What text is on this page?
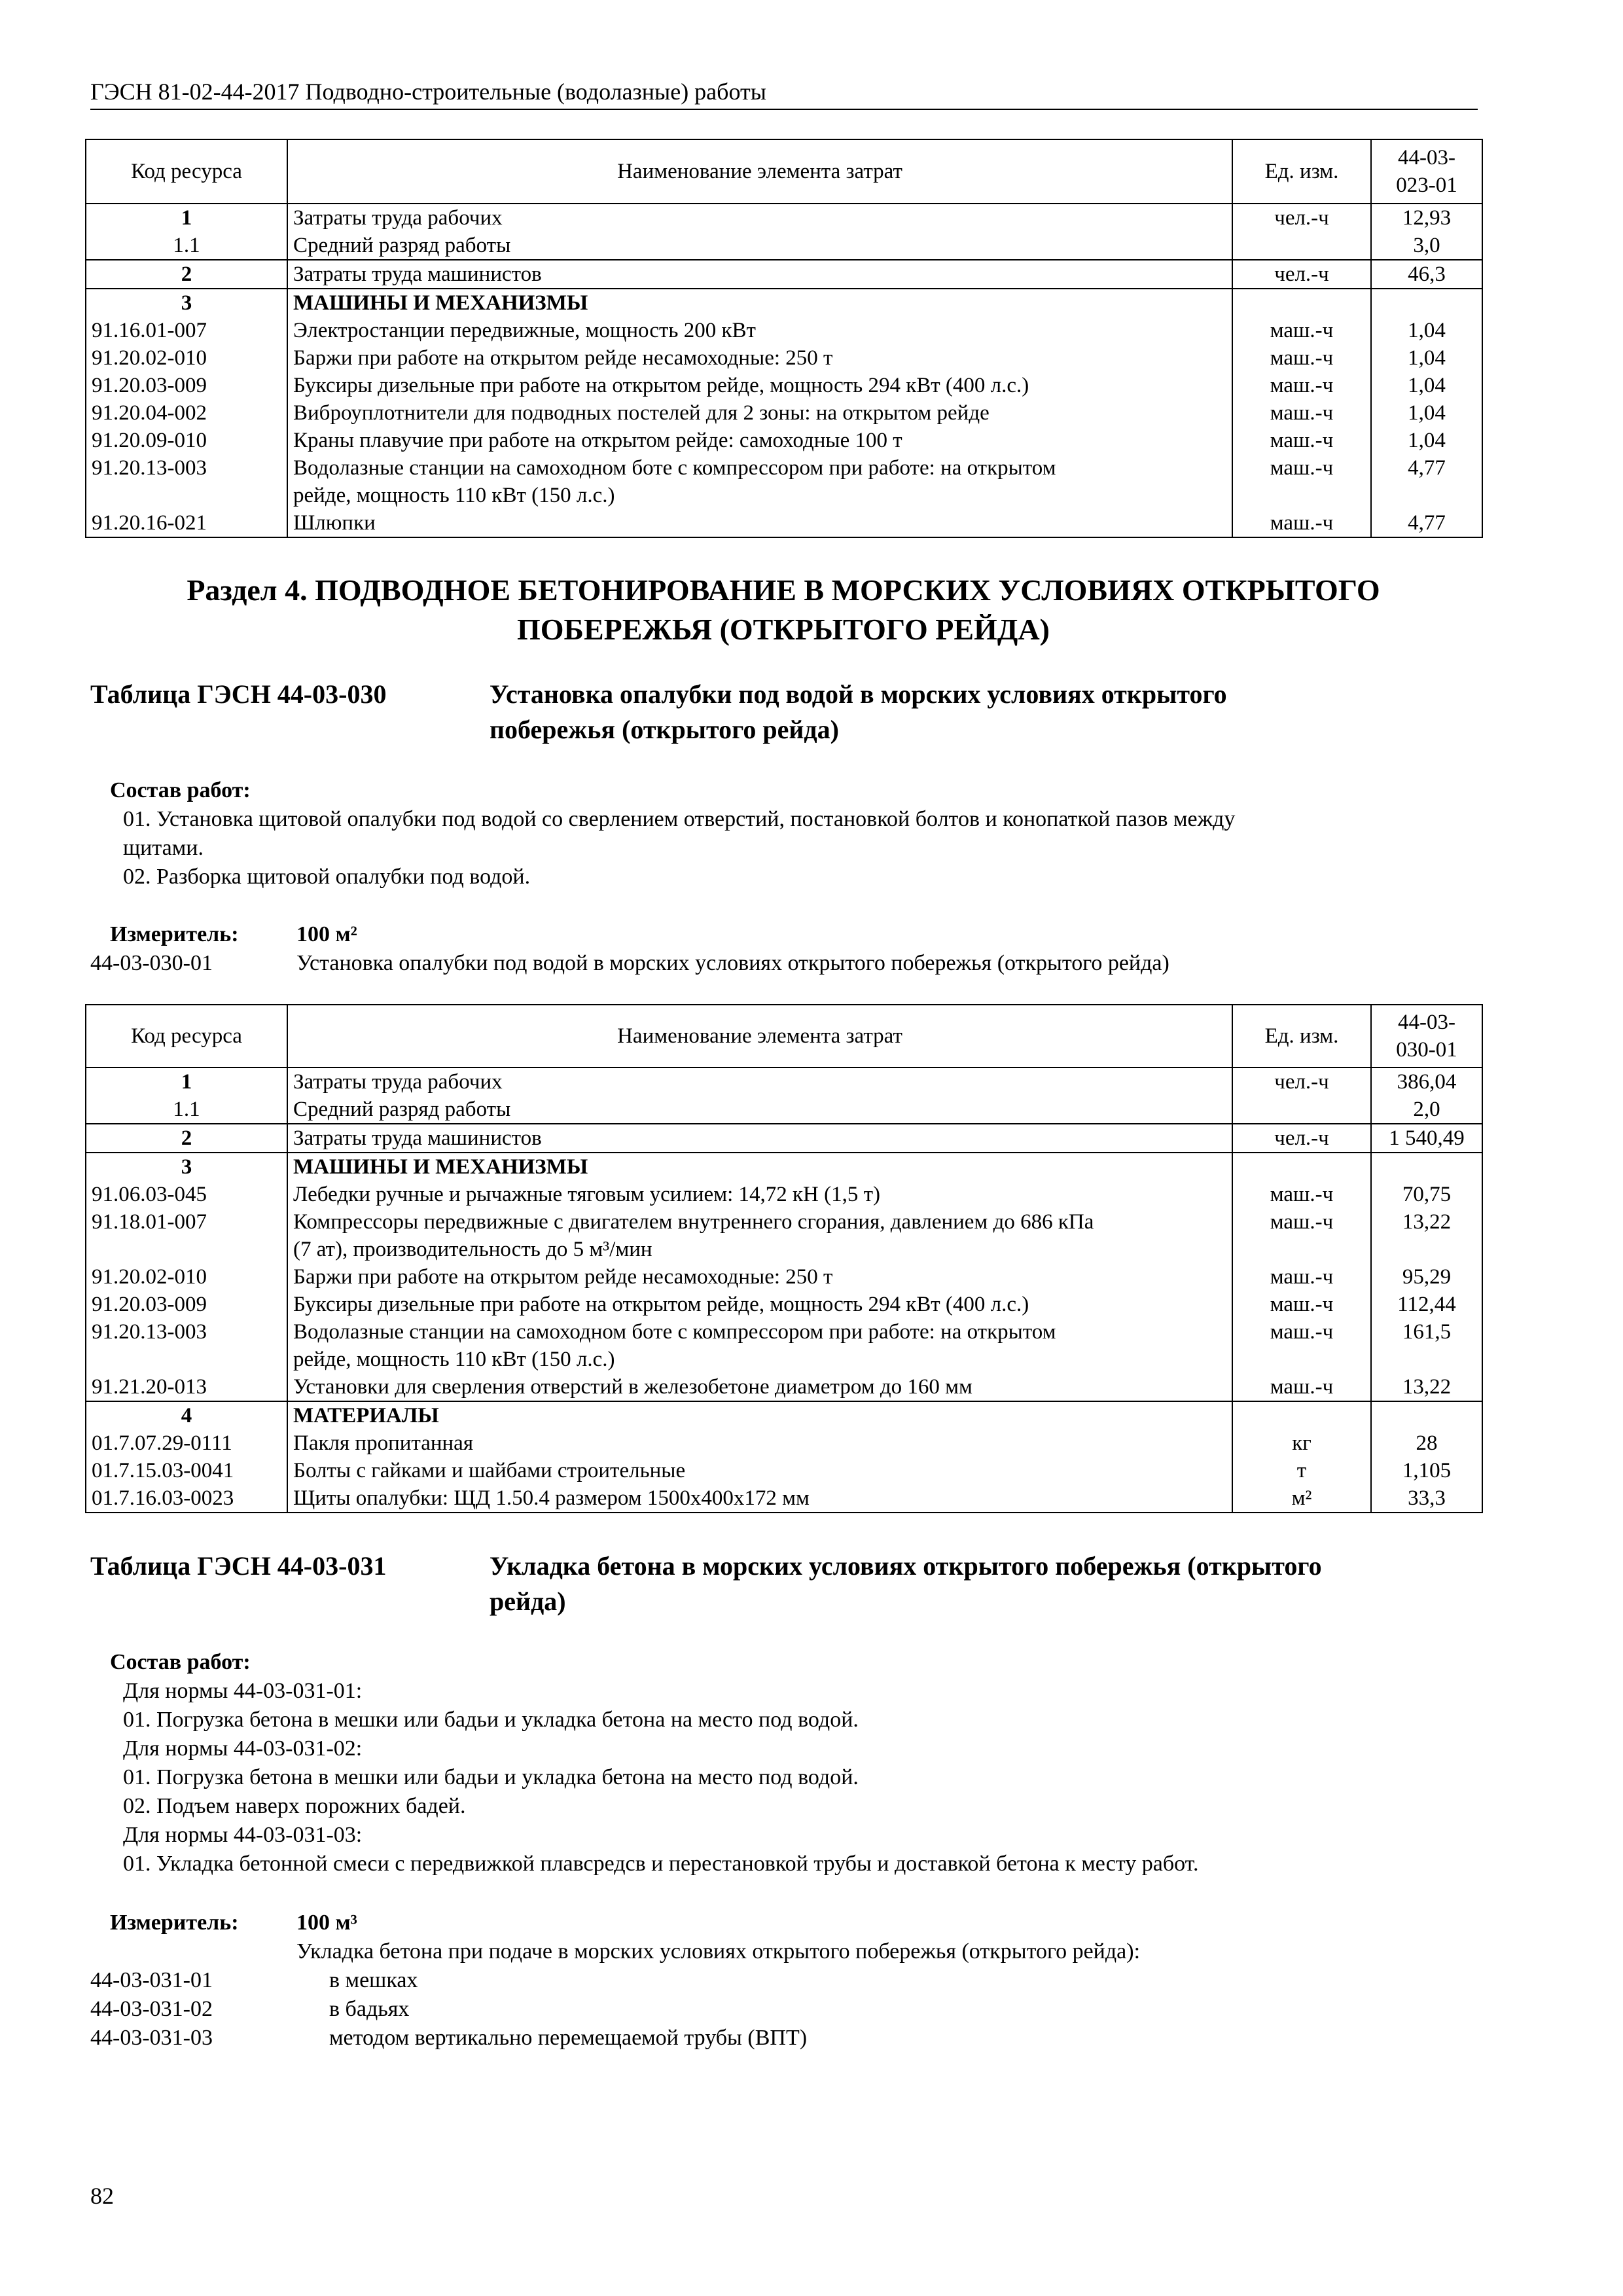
ГЭСН 81-02-44-2017 Подводно-строительные (водолазные) работы
Код ресурса	Наименование элемента затрат	Ед. изм.	44-03-
023-01
1	Затраты труда рабочих	чел.-ч	12,93
1.1	Средний разряд работы		3,0
2	Затраты труда машинистов	чел.-ч	46,3
3	МАШИНЫ И МЕХАНИЗМЫ		
91.16.01-007	Электростанции передвижные, мощность 200 кВт	маш.-ч	1,04
91.20.02-010	Баржи при работе на открытом рейде несамоходные: 250 т	маш.-ч	1,04
91.20.03-009	Буксиры дизельные при работе на открытом рейде, мощность 294 кВт (400 л.с.)	маш.-ч	1,04
91.20.04-002	Виброуплотнители для подводных постелей для 2 зоны: на открытом рейде	маш.-ч	1,04
91.20.09-010	Краны плавучие при работе на открытом рейде: самоходные 100 т	маш.-ч	1,04
91.20.13-003	Водолазные станции на самоходном боте с компрессором при работе: на открытом
рейде, мощность 110 кВт (150 л.с.)	маш.-ч	4,77
91.20.16-021	Шлюпки	маш.-ч	4,77
Раздел 4. ПОДВОДНОЕ БЕТОНИРОВАНИЕ В МОРСКИХ УСЛОВИЯХ ОТКРЫТОГО
ПОБЕРЕЖЬЯ (ОТКРЫТОГО РЕЙДА)
Таблица ГЭСН 44-03-030	Установка опалубки под водой в морских условиях открытого
побережья (открытого рейда)
Состав работ:
01. Установка щитовой опалубки под водой со сверлением отверстий, постановкой болтов и конопаткой пазов между
щитами.
02. Разборка щитовой опалубки под водой.
Измеритель:	100 м²
44-03-030-01	Установка опалубки под водой в морских условиях открытого побережья (открытого рейда)
Код ресурса	Наименование элемента затрат	Ед. изм.	44-03-
030-01
1	Затраты труда рабочих	чел.-ч	386,04
1.1	Средний разряд работы		2,0
2	Затраты труда машинистов	чел.-ч	1 540,49
3	МАШИНЫ И МЕХАНИЗМЫ		
91.06.03-045	Лебедки ручные и рычажные тяговым усилием: 14,72 кН (1,5 т)	маш.-ч	70,75
91.18.01-007	Компрессоры передвижные с двигателем внутреннего сгорания, давлением до 686 кПа
(7 ат), производительность до 5 м³/мин	маш.-ч	13,22
91.20.02-010	Баржи при работе на открытом рейде несамоходные: 250 т	маш.-ч	95,29
91.20.03-009	Буксиры дизельные при работе на открытом рейде, мощность 294 кВт (400 л.с.)	маш.-ч	112,44
91.20.13-003	Водолазные станции на самоходном боте с компрессором при работе: на открытом
рейде, мощность 110 кВт (150 л.с.)	маш.-ч	161,5
91.21.20-013	Установки для сверления отверстий в железобетоне диаметром до 160 мм	маш.-ч	13,22
4	МАТЕРИАЛЫ		
01.7.07.29-0111	Пакля пропитанная	кг	28
01.7.15.03-0041	Болты с гайками и шайбами строительные	т	1,105
01.7.16.03-0023	Щиты опалубки: ЩД 1.50.4 размером 1500х400х172 мм	м²	33,3
Таблица ГЭСН 44-03-031	Укладка бетона в морских условиях открытого побережья (открытого
рейда)
Состав работ:
Для нормы 44-03-031-01:
01. Погрузка бетона в мешки или бадьи и укладка бетона на место под водой.
Для нормы 44-03-031-02:
01. Погрузка бетона в мешки или бадьи и укладка бетона на место под водой.
02. Подъем наверх порожних бадей.
Для нормы 44-03-031-03:
01. Укладка бетонной смеси с передвижкой плавсредсв и перестановкой трубы и доставкой бетона к месту работ.
Измеритель:	100 м³
Укладка бетона при подаче в морских условиях открытого побережья (открытого рейда):
44-03-031-01	в мешках
44-03-031-02	в бадьях
44-03-031-03	методом вертикально перемещаемой трубы (ВПТ)
82
